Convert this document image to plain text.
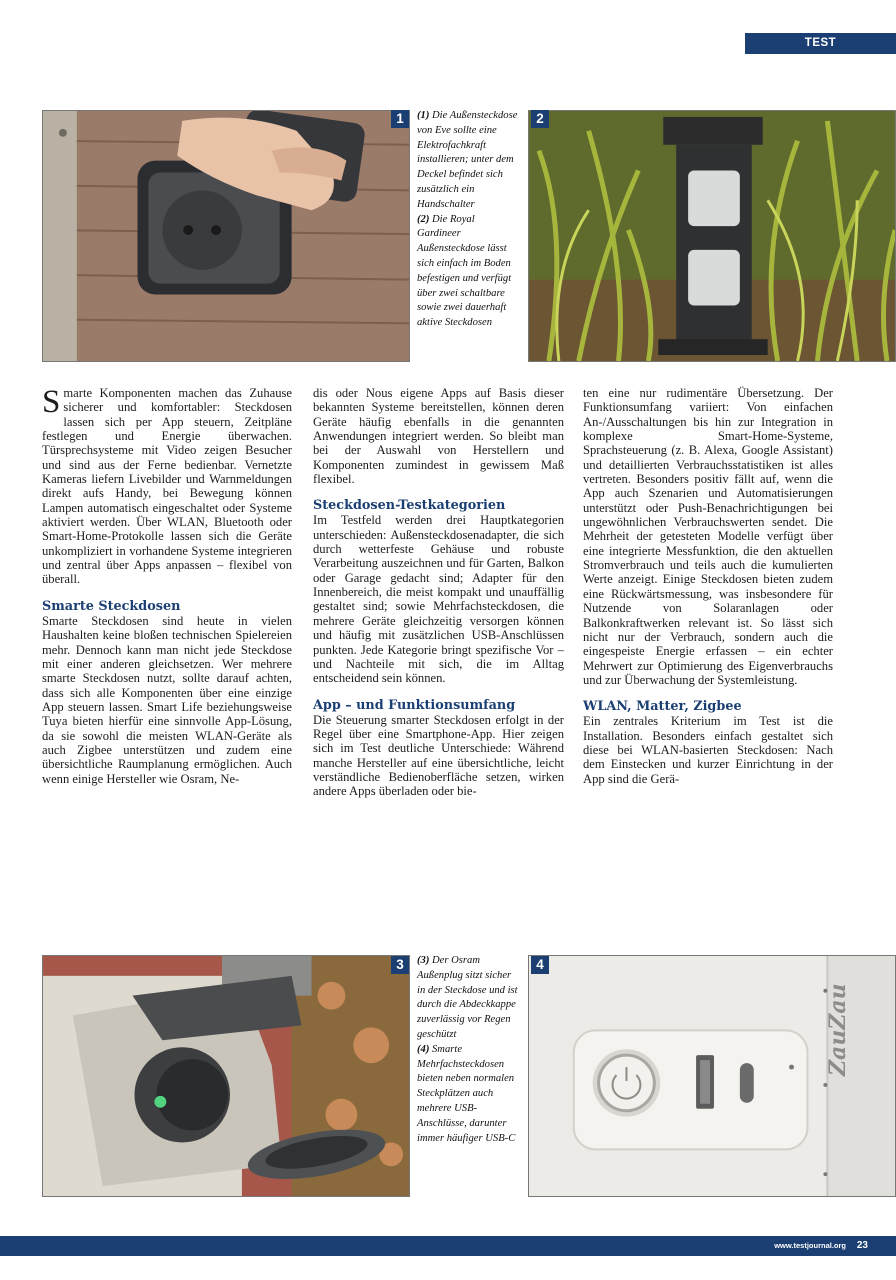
TEST
1	(1) Die Außensteckdose von Eve sollte eine Elektrofachkraft installieren; unter dem Deckel befindet sich zusätzlich ein Handschalter
(2) Die Royal Gardineer Außensteckdose lässt sich einfach im Boden befestigen und verfügt über zwei schaltbare sowie zwei dauerhaft aktive Steckdosen
2

Smarte Komponenten machen das Zuhause sicherer und komfortabler: Steckdosen lassen sich per App steuern, Zeitpläne festlegen und Energie überwachen. Türsprechsysteme mit Video zeigen Besucher und sind aus der Ferne bedienbar. Vernetzte Kameras liefern Livebilder und Warnmeldungen direkt aufs Handy, bei Bewegung können Lampen automatisch eingeschaltet oder Systeme aktiviert werden. Über WLAN, Bluetooth oder Smart-Home-Protokolle lassen sich die Geräte unkompliziert in vorhandene Systeme integrieren und zentral über Apps anpassen – flexibel von überall.

Smarte Steckdosen

Smarte Steckdosen sind heute in vielen Haushalten keine bloßen technischen Spielereien mehr. Dennoch kann man nicht jede Steckdose mit einer anderen gleichsetzen. Wer mehrere smarte Steckdosen nutzt, sollte darauf achten, dass sich alle Komponenten über eine einzige App steuern lassen. Smart Life beziehungsweise Tuya bieten hierfür eine sinnvolle App-Lösung, da sie sowohl die meisten WLAN-Geräte als auch Zigbee unterstützen und zudem eine übersichtliche Raumplanung ermöglichen. Auch wenn einige Hersteller wie Osram, Ne-

dis oder Nous eigene Apps auf Basis dieser bekannten Systeme bereitstellen, können deren Geräte häufig ebenfalls in die genannten Anwendungen integriert werden. So bleibt man bei der Auswahl von Herstellern und Komponenten zumindest in gewissem Maß flexibel.

Steckdosen-Testkategorien

Im Testfeld werden drei Hauptkategorien unterschieden: Außensteckdosenadapter, die sich durch wetterfeste Gehäuse und robuste Verarbeitung auszeichnen und für Garten, Balkon oder Garage gedacht sind; Adapter für den Innenbereich, die meist kompakt und unauffällig gestaltet sind; sowie Mehrfachsteckdosen, die mehrere Geräte gleichzeitig versorgen können und häufig mit zusätzlichen USB-Anschlüssen punkten. Jede Kategorie bringt spezifische Vor – und Nachteile mit sich, die im Alltag entscheidend sein können.

App – und Funktionsumfang

Die Steuerung smarter Steckdosen erfolgt in der Regel über eine Smartphone-App. Hier zeigen sich im Test deutliche Unterschiede: Während manche Hersteller auf eine übersichtliche, leicht verständliche Bedienoberfläche setzen, wirken andere Apps überladen oder bie-

ten eine nur rudimentäre Übersetzung. Der Funktionsumfang variiert: Von einfachen An-/Ausschaltungen bis hin zur Integration in komplexe Smart-Home-Systeme, Sprachsteuerung (z. B. Alexa, Google Assistant) und detaillierten Verbrauchsstatistiken ist alles vertreten. Besonders positiv fällt auf, wenn die App auch Szenarien und Automatisierungen unterstützt oder Push-Benachrichtigungen bei ungewöhnlichen Verbrauchswerten sendet. Die Mehrheit der getesteten Modelle verfügt über eine integrierte Messfunktion, die den aktuellen Stromverbrauch und teils auch die kumulierten Werte anzeigt. Einige Steckdosen bieten zudem eine Rückwärtsmessung, was insbesondere für Nutzende von Solaranlagen oder Balkonkraftwerken relevant ist. So lässt sich nicht nur der Verbrauch, sondern auch die eingespeiste Energie erfassen – ein echter Mehrwert zur Optimierung des Eigenverbrauchs und zur Überwachung der Systemleistung.

WLAN, Matter, Zigbee

Ein zentrales Kriterium im Test ist die Installation. Besonders einfach gestaltet sich diese bei WLAN-basierten Steckdosen: Nach dem Einstecken und kurzer Einrichtung in der App sind die Gerä-

3	(3) Der Osram Außenplug sitzt sicher in der Steckdose und ist durch die Abdeckkappe zuverlässig vor Regen geschützt
(4) Smarte Mehrfachsteckdosen bieten neben normalen Steckplätzen auch mehrere USB-Anschlüsse, darunter immer häufiger USB-C
ZauZau
4
www.testjournal.org 23
